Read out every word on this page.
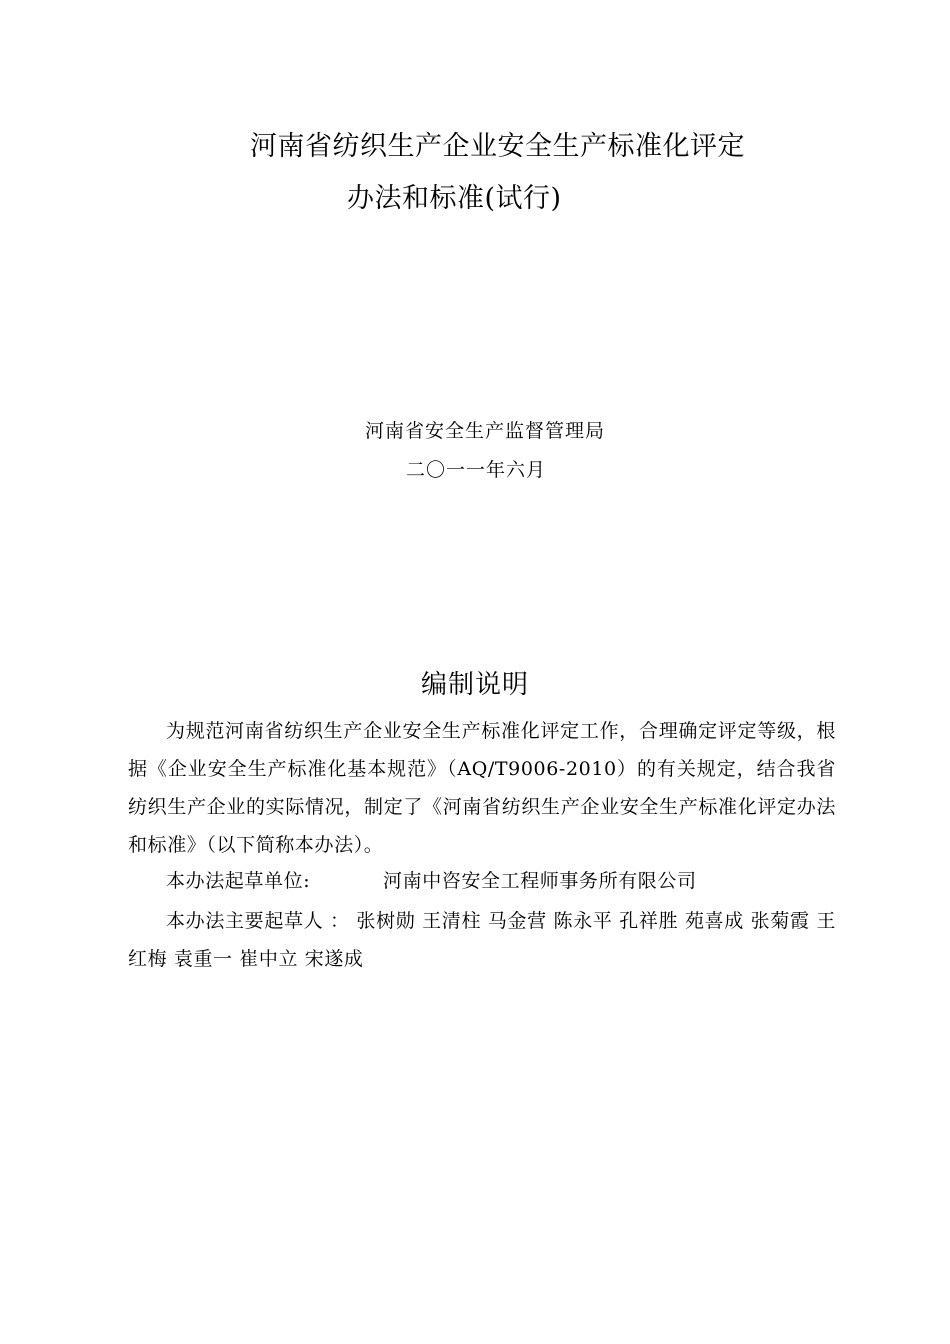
河南省纺织生产企业安全生产标准化评定
办法和标准(试行)
河南省安全生产监督管理局
二〇一一年六月
编制说明

为规范河南省纺织生产企业安全生产标准化评定工作，合理确定评定等级，根据《企业安全生产标准化基本规范》（AQ/T9006-2010）的有关规定，结合我省纺织生产企业的实际情况，制定了《河南省纺织生产企业安全生产标准化评定办法和标准》（以下简称本办法）。

本办法起草单位:	河南中咨安全工程师事务所有限公司

本办法主要起草人 ： 张树勋 王清柱 马金营 陈永平 孔祥胜 苑喜成 张菊霞 王红梅 袁重一 崔中立 宋遂成
